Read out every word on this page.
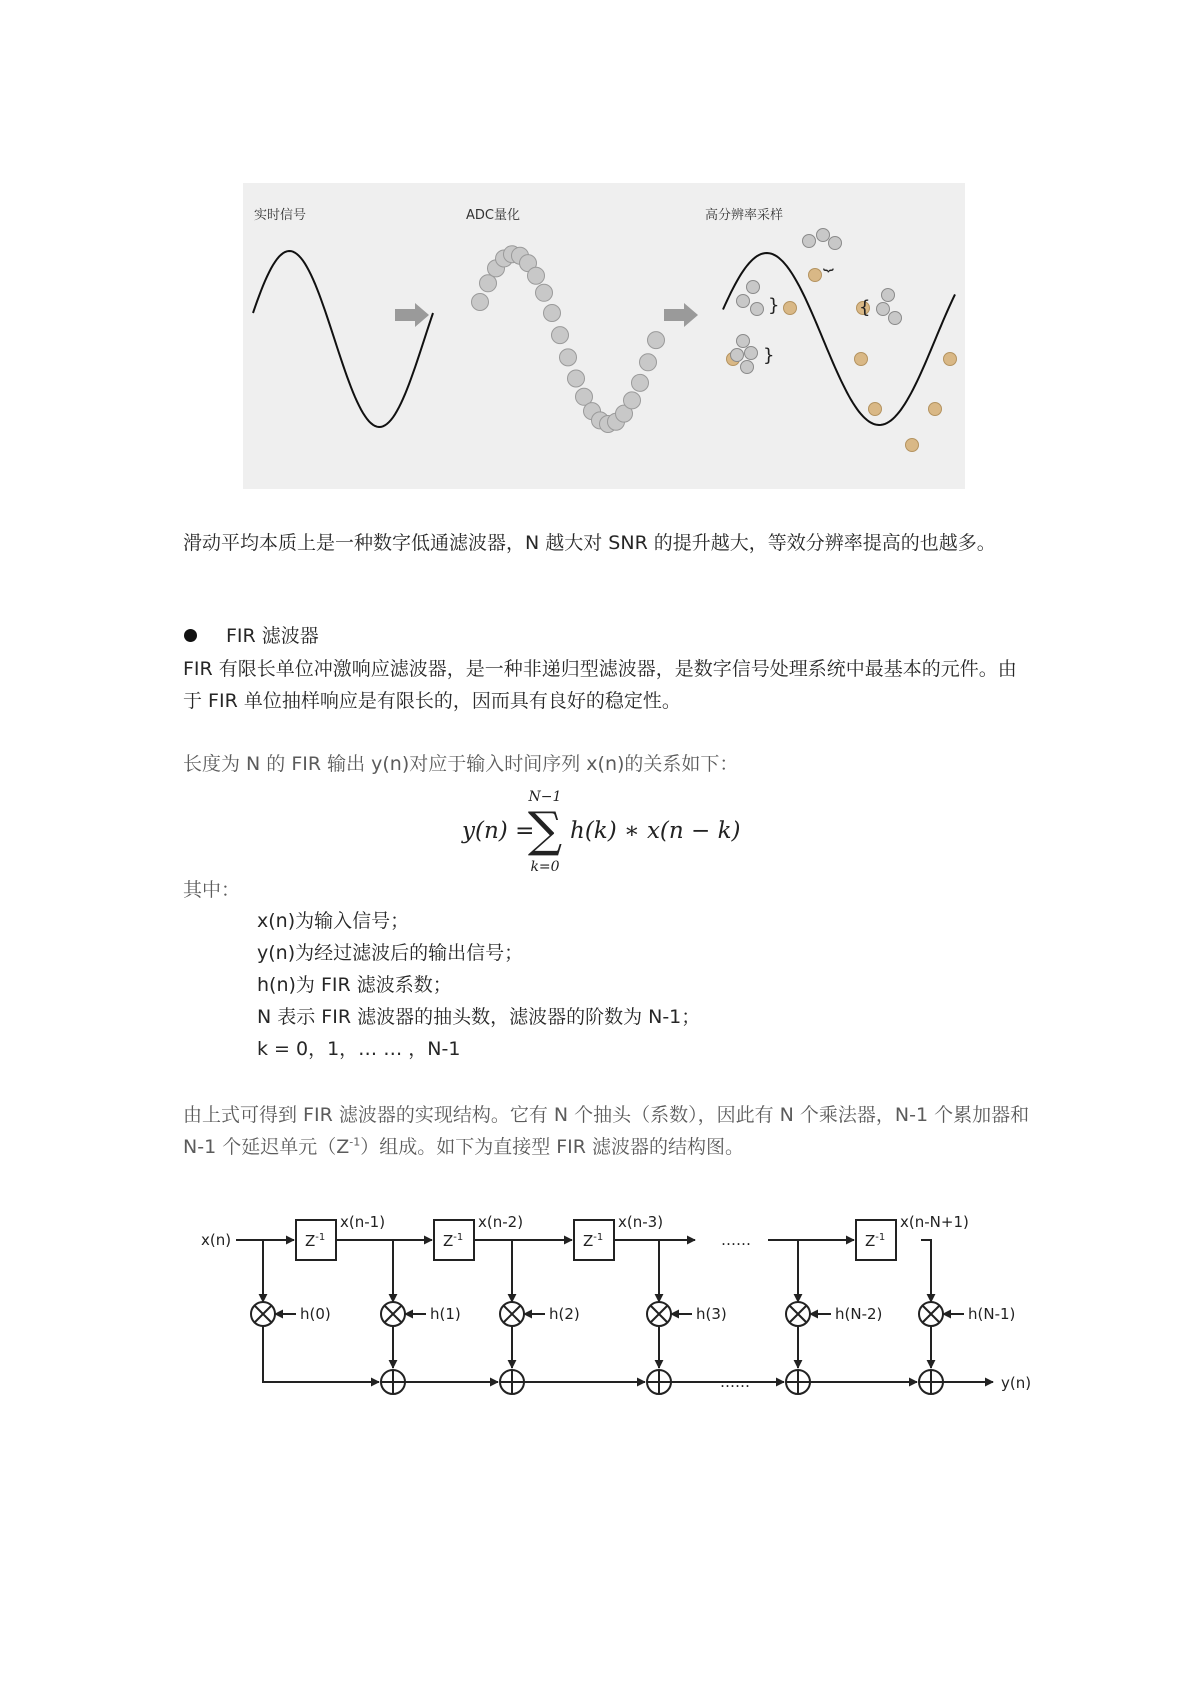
}	{
}
⏟
实时信号	ADC量化	高分辨率采样

滑动平均本质上是一种数字低通滤波器，N 越大对 SNR 的提升越大，等效分辨率提高的也越多。

FIR 滤波器

FIR 有限长单位冲激响应滤波器，是一种非递归型滤波器，是数字信号处理系统中最基本的元件。由于 FIR 单位抽样响应是有限长的，因而具有良好的稳定性。

长度为 N 的 FIR 输出 y(n)对应于输入时间序列 x(n)的关系如下：

N−1
y(n) =
∑ h(k) ∗ x(n − k)
k=0

其中：

x(n)为输入信号；
y(n)为经过滤波后的输出信号；
h(n)为 FIR 滤波系数；
N 表示 FIR 滤波器的抽头数，滤波器的阶数为 N-1；
k = 0，1，… … ，N-1

由上式可得到 FIR 滤波器的实现结构。它有 N 个抽头（系数），因此有 N 个乘法器，N-1 个累加器和 N-1 个延迟单元$(Z^{-1})$组成。如下为直接型 FIR 滤波器的结构图。

x(n)	$Z^{-1}$	$Z^{-1}$	$Z^{-1}$	$Z^{-1}$
x(n-1)	x(n-2)	x(n-3)	x(n-N+1)
h(0)	h(1)	h(2)	h(3)	h(N-2)	h(N-1)
……
……	y(n)
